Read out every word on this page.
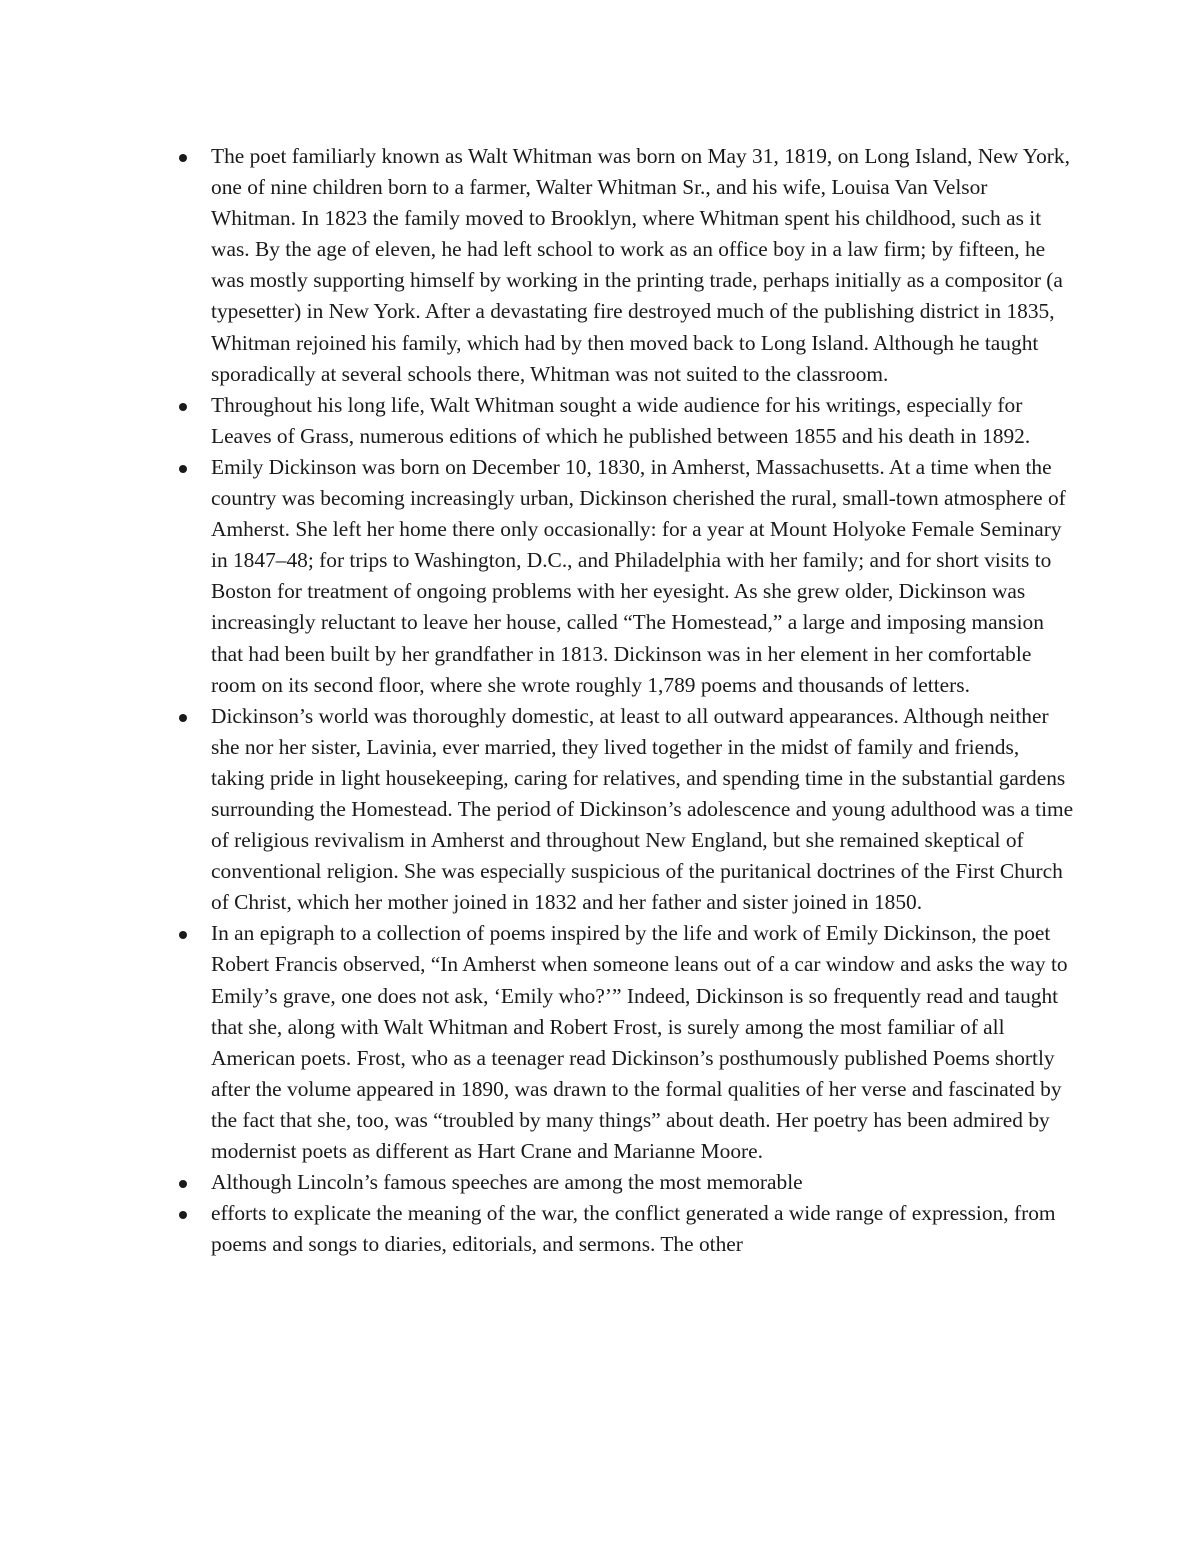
The poet familiarly known as Walt Whitman was born on May 31, 1819, on Long Island, New York, one of nine children born to a farmer, Walter Whitman Sr., and his wife, Louisa Van Velsor Whitman. In 1823 the family moved to Brooklyn, where Whitman spent his childhood, such as it was. By the age of eleven, he had left school to work as an office boy in a law firm; by fifteen, he was mostly supporting himself by working in the printing trade, perhaps initially as a compositor (a typesetter) in New York. After a devastating fire destroyed much of the publishing district in 1835, Whitman rejoined his family, which had by then moved back to Long Island. Although he taught sporadically at several schools there, Whitman was not suited to the classroom.
Throughout his long life, Walt Whitman sought a wide audience for his writings, especially for Leaves of Grass, numerous editions of which he published between 1855 and his death in 1892.
Emily Dickinson was born on December 10, 1830, in Amherst, Massachusetts. At a time when the country was becoming increasingly urban, Dickinson cherished the rural, small-town atmosphere of Amherst. She left her home there only occasionally: for a year at Mount Holyoke Female Seminary in 1847–48; for trips to Washington, D.C., and Philadelphia with her family; and for short visits to Boston for treatment of ongoing problems with her eyesight. As she grew older, Dickinson was increasingly reluctant to leave her house, called “The Homestead,” a large and imposing mansion that had been built by her grandfather in 1813. Dickinson was in her element in her comfortable room on its second floor, where she wrote roughly 1,789 poems and thousands of letters.
Dickinson’s world was thoroughly domestic, at least to all outward appearances. Although neither she nor her sister, Lavinia, ever married, they lived together in the midst of family and friends, taking pride in light housekeeping, caring for relatives, and spending time in the substantial gardens surrounding the Homestead. The period of Dickinson’s adolescence and young adulthood was a time of religious revivalism in Amherst and throughout New England, but she remained skeptical of conventional religion. She was especially suspicious of the puritanical doctrines of the First Church of Christ, which her mother joined in 1832 and her father and sister joined in 1850.
In an epigraph to a collection of poems inspired by the life and work of Emily Dickinson, the poet Robert Francis observed, “In Amherst when someone leans out of a car window and asks the way to Emily’s grave, one does not ask, ‘Emily who?’” Indeed, Dickinson is so frequently read and taught that she, along with Walt Whitman and Robert Frost, is surely among the most familiar of all American poets. Frost, who as a teenager read Dickinson’s posthumously published Poems shortly after the volume appeared in 1890, was drawn to the formal qualities of her verse and fascinated by the fact that she, too, was “troubled by many things” about death. Her poetry has been admired by modernist poets as different as Hart Crane and Marianne Moore.
Although Lincoln’s famous speeches are among the most memorable
efforts to explicate the meaning of the war, the conflict generated a wide range of expression, from poems and songs to diaries, editorials, and sermons. The other
